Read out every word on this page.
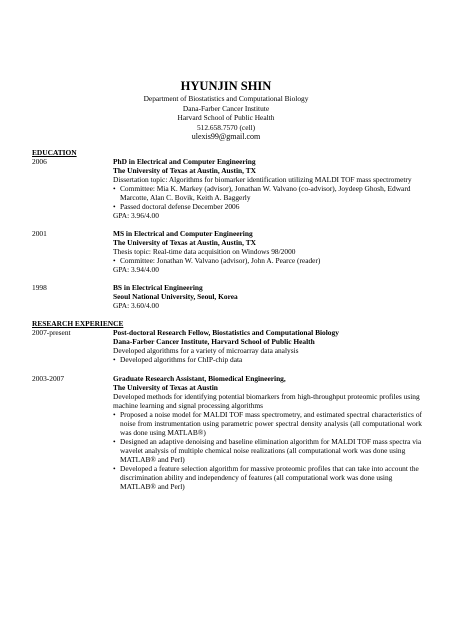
HYUNJIN SHIN
Department of Biostatistics and Computational Biology
Dana-Farber Cancer Institute
Harvard School of Public Health
512.658.7570 (cell)
ulexis99@gmail.com
EDUCATION
2006	PhD in Electrical and Computer Engineering
The University of Texas at Austin, Austin, TX
Dissertation topic: Algorithms for biomarker identification utilizing MALDI TOF mass spectrometry
• Committee: Mia K. Markey (advisor), Jonathan W. Valvano (co-advisor), Joydeep Ghosh, Edward Marcotte, Alan C. Bovik, Keith A. Baggerly
• Passed doctoral defense December 2006
GPA: 3.96/4.00
2001	MS in Electrical and Computer Engineering
The University of Texas at Austin, Austin, TX
Thesis topic: Real-time data acquisition on Windows 98/2000
• Committee: Jonathan W. Valvano (advisor), John A. Pearce (reader)
GPA: 3.94/4.00
1998	BS in Electrical Engineering
Seoul National University, Seoul, Korea
GPA: 3.60/4.00
RESEARCH EXPERIENCE
2007-present	Post-doctoral Research Fellow, Biostatistics and Computational Biology
Dana-Farber Cancer Institute, Harvard School of Public Health
Developed algorithms for a variety of microarray data analysis
• Developed algorithms for ChIP-chip data
2003-2007	Graduate Research Assistant, Biomedical Engineering,
The University of Texas at Austin
Developed methods for identifying potential biomarkers from high-throughput proteomic profiles using machine learning and signal processing algorithms
• Proposed a noise model for MALDI TOF mass spectrometry, and estimated spectral characteristics of noise from instrumentation using parametric power spectral density analysis (all computational work was done using MATLAB®)
• Designed an adaptive denoising and baseline elimination algorithm for MALDI TOF mass spectra via wavelet analysis of multiple chemical noise realizations (all computational work was done using MATLAB® and Perl)
• Developed a feature selection algorithm for massive proteomic profiles that can take into account the discrimination ability and independency of features (all computational work was done using MATLAB® and Perl)
